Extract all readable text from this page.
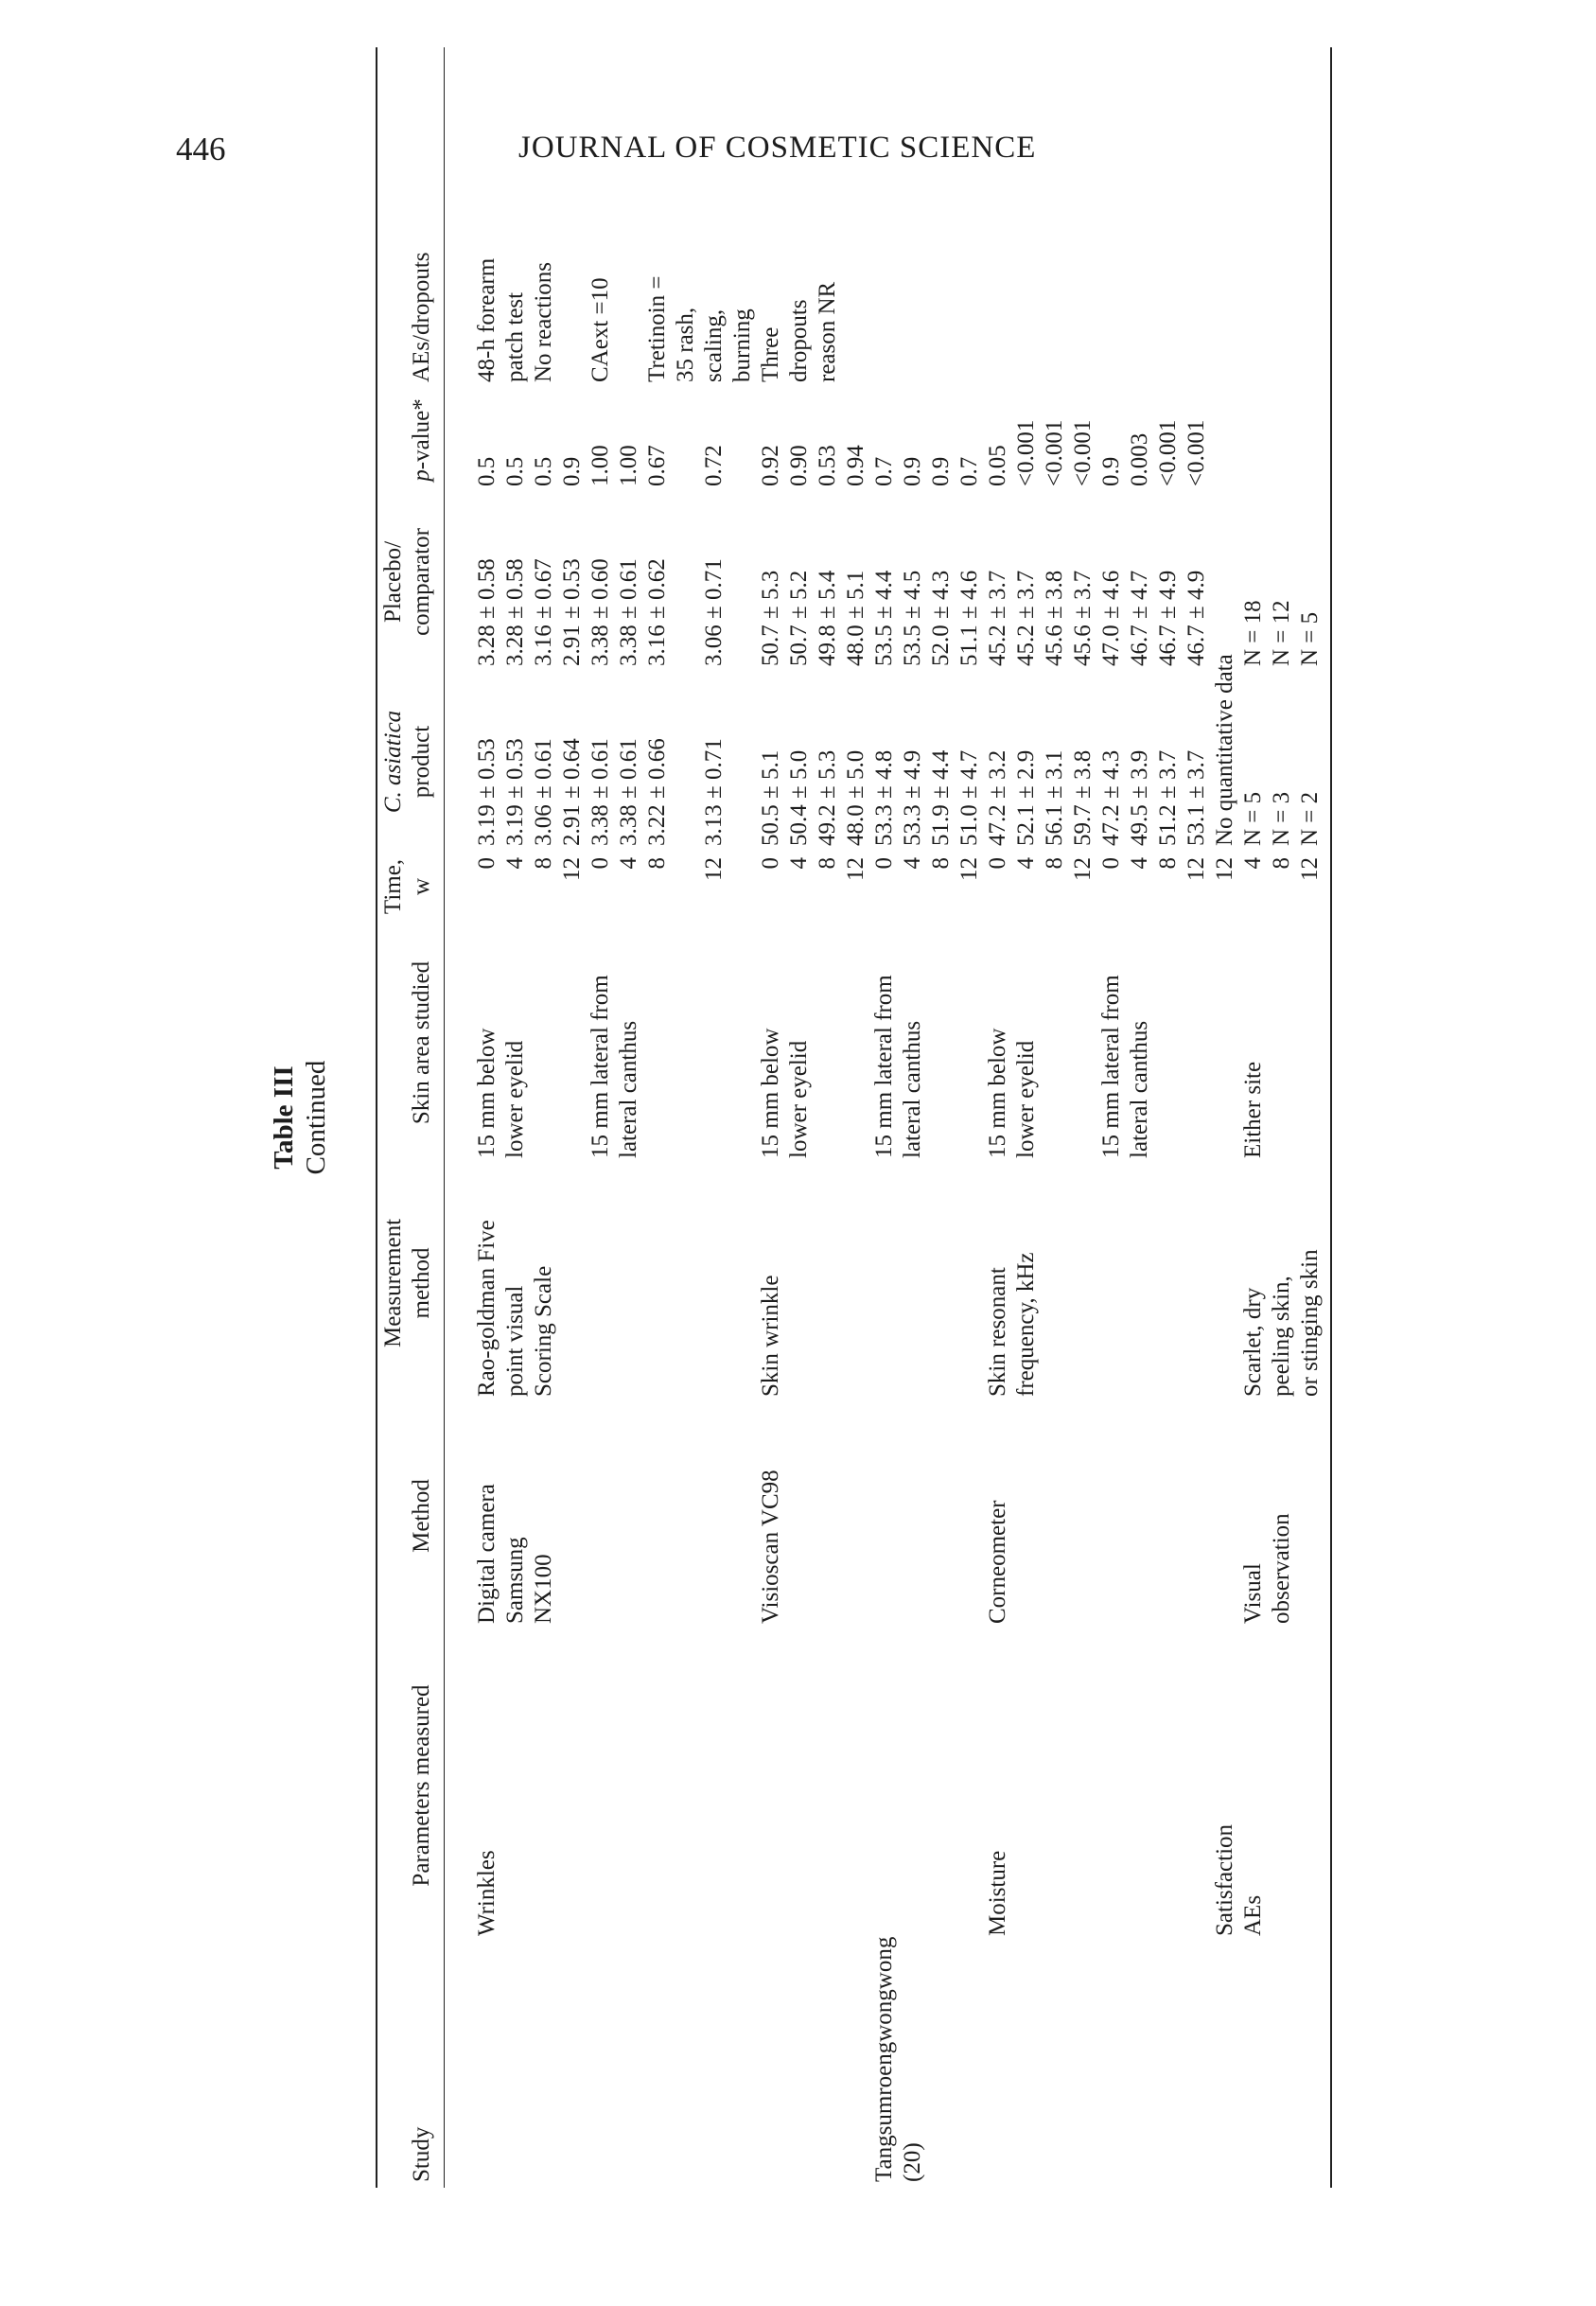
446	JOURNAL OF COSMETIC SCIENCE
Table III Continued
Study	Parameters measured	Method	Measurement method	Skin area studied	Time, w	C. asiatica product	Placebo/ comparator	p-value*	AEs/dropouts

	Wrinkles	Digital camera	Rao-goldman Five	15 mm below	0	3.19 ± 0.53	3.28 ± 0.58	0.5	48-h forearm
		Samsung	point visual	lower eyelid	4	3.19 ± 0.53	3.28 ± 0.58	0.5	patch test
		NX100	Scoring Scale		8	3.06 ± 0.61	3.16 ± 0.67	0.5	No reactions
					12	2.91 ± 0.64	2.91 ± 0.53	0.9	
				15 mm lateral from	0	3.38 ± 0.61	3.38 ± 0.60	1.00	CAext =10
				lateral canthus	4	3.38 ± 0.61	3.38 ± 0.61	1.00	
					8	3.22 ± 0.66	3.16 ± 0.62	0.67	Tretinoin =
									35 rash,
					12	3.13 ± 0.71	3.06 ± 0.71	0.72	scaling,
									burning
		Visioscan VC98	Skin wrinkle	15 mm below	0	50.5 ± 5.1	50.7 ± 5.3	0.92	Three
				lower eyelid	4	50.4 ± 5.0	50.7 ± 5.2	0.90	dropouts
					8	49.2 ± 5.3	49.8 ± 5.4	0.53	reason NR
					12	48.0 ± 5.0	48.0 ± 5.1	0.94	
Tangsumroengwongwong				15 mm lateral from	0	53.3 ± 4.8	53.5 ± 4.4	0.7	
(20)				lateral canthus	4	53.3 ± 4.9	53.5 ± 4.5	0.9	
					8	51.9 ± 4.4	52.0 ± 4.3	0.9	
					12	51.0 ± 4.7	51.1 ± 4.6	0.7	
	Moisture	Corneometer	Skin resonant	15 mm below	0	47.2 ± 3.2	45.2 ± 3.7	0.05	
			frequency, kHz	lower eyelid	4	52.1 ± 2.9	45.2 ± 3.7	<0.001	
					8	56.1 ± 3.1	45.6 ± 3.8	<0.001	
					12	59.7 ± 3.8	45.6 ± 3.7	<0.001	
				15 mm lateral from	0	47.2 ± 4.3	47.0 ± 4.6	0.9	
				lateral canthus	4	49.5 ± 3.9	46.7 ± 4.7	0.003	
					8	51.2 ± 3.7	46.7 ± 4.9	<0.001	
					12	53.1 ± 3.7	46.7 ± 4.9	<0.001	
	Satisfaction				12	No quantitative data			
	AEs	Visual	Scarlet, dry	Either site	4	N = 5	N = 18		
		observation	peeling skin,		8	N = 3	N = 12		
			or stinging skin		12	N = 2	N = 5		
